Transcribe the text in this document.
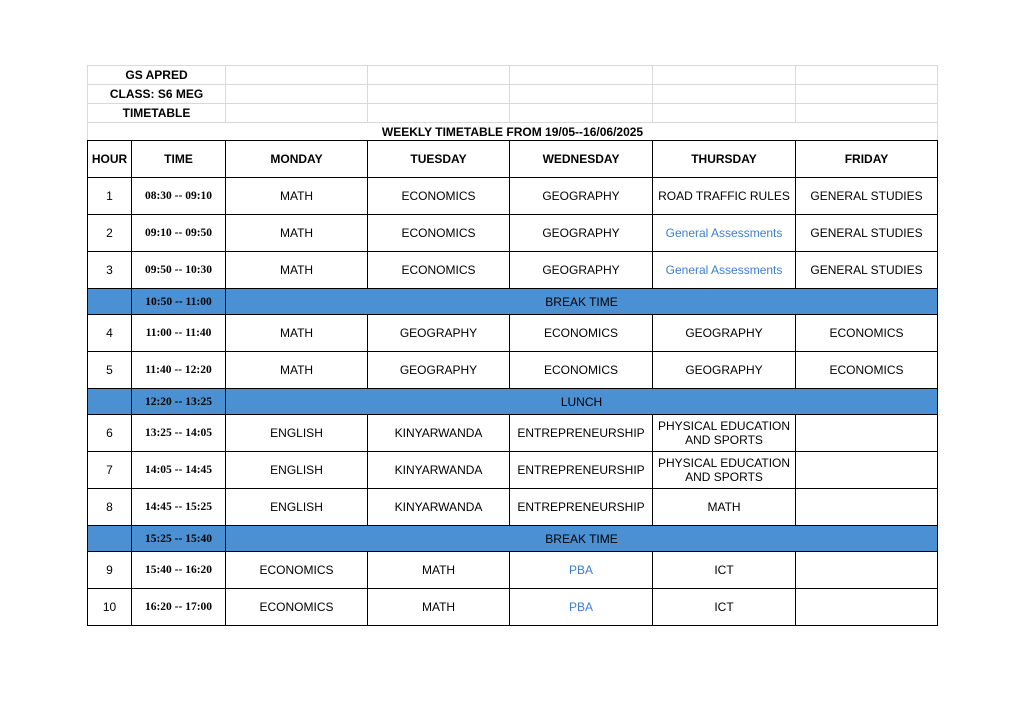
GS APRED						
CLASS: S6 MEG						
TIMETABLE						
WEEKLY TIMETABLE FROM 19/05--16/06/2025						
HOUR	TIME	MONDAY	TUESDAY	WEDNESDAY	THURSDAY	FRIDAY
1	08:30 -- 09:10	MATH	ECONOMICS	GEOGRAPHY	ROAD TRAFFIC RULES	GENERAL STUDIES
2	09:10 -- 09:50	MATH	ECONOMICS	GEOGRAPHY	General Assessments	GENERAL STUDIES
3	09:50 -- 10:30	MATH	ECONOMICS	GEOGRAPHY	General Assessments	GENERAL STUDIES
	10:50 -- 11:00	BREAK TIME				
4	11:00 -- 11:40	MATH	GEOGRAPHY	ECONOMICS	GEOGRAPHY	ECONOMICS
5	11:40 -- 12:20	MATH	GEOGRAPHY	ECONOMICS	GEOGRAPHY	ECONOMICS
	12:20 -- 13:25	LUNCH				
6	13:25 -- 14:05	ENGLISH	KINYARWANDA	ENTREPRENEURSHIP	PHYSICAL EDUCATION AND SPORTS	
7	14:05 -- 14:45	ENGLISH	KINYARWANDA	ENTREPRENEURSHIP	PHYSICAL EDUCATION AND SPORTS	
8	14:45 -- 15:25	ENGLISH	KINYARWANDA	ENTREPRENEURSHIP	MATH	
	15:25 -- 15:40	BREAK TIME				
9	15:40 -- 16:20	ECONOMICS	MATH	PBA	ICT	
10	16:20 -- 17:00	ECONOMICS	MATH	PBA	ICT	
